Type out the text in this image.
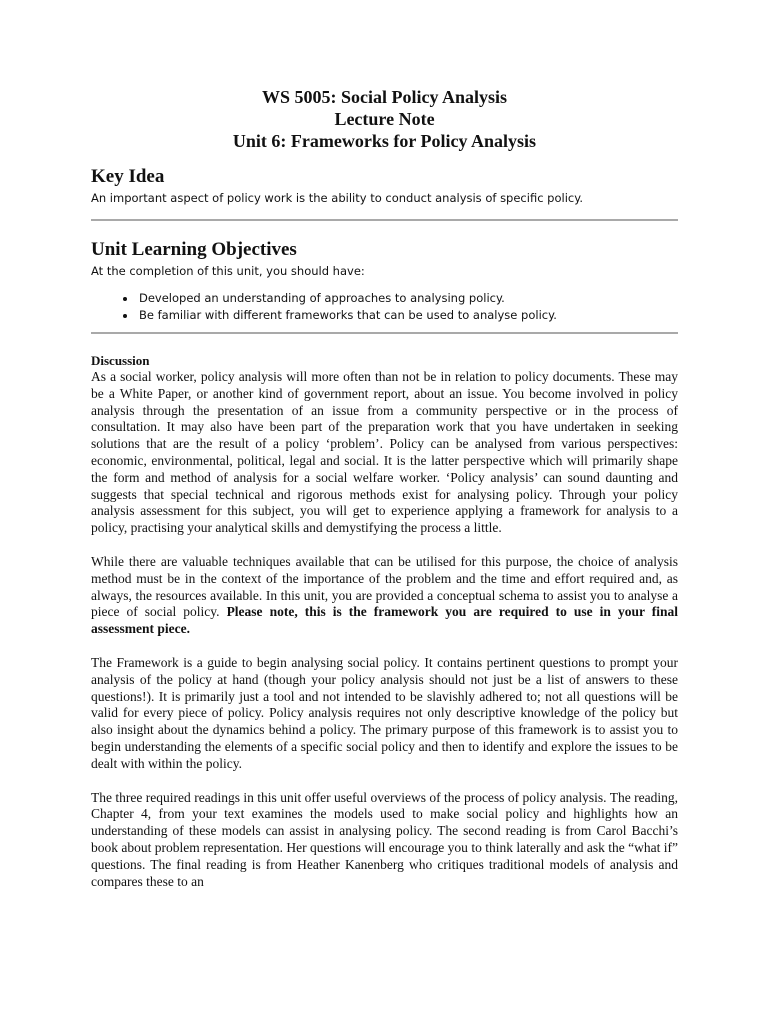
WS 5005: Social Policy Analysis
Lecture Note
Unit 6: Frameworks for Policy Analysis
Key Idea
An important aspect of policy work is the ability to conduct analysis of specific policy.
Unit Learning Objectives
At the completion of this unit, you should have:
• Developed an understanding of approaches to analysing policy.
• Be familiar with different frameworks that can be used to analyse policy.
Discussion

As a social worker, policy analysis will more often than not be in relation to policy documents. These may be a White Paper, or another kind of government report, about an issue. You become involved in policy analysis through the presentation of an issue from a community perspective or in the process of consultation. It may also have been part of the preparation work that you have undertaken in seeking solutions that are the result of a policy ‘problem’. Policy can be analysed from various perspectives: economic, environmental, political, legal and social. It is the latter perspective which will primarily shape the form and method of analysis for a social welfare worker. ‘Policy analysis’ can sound daunting and suggests that special technical and rigorous methods exist for analysing policy. Through your policy analysis assessment for this subject, you will get to experience applying a framework for analysis to a policy, practising your analytical skills and demystifying the process a little.

While there are valuable techniques available that can be utilised for this purpose, the choice of analysis method must be in the context of the importance of the problem and the time and effort required and, as always, the resources available. In this unit, you are provided a conceptual schema to assist you to analyse a piece of social policy. Please note, this is the framework you are required to use in your final assessment piece.

The Framework is a guide to begin analysing social policy. It contains pertinent questions to prompt your analysis of the policy at hand (though your policy analysis should not just be a list of answers to these questions!). It is primarily just a tool and not intended to be slavishly adhered to; not all questions will be valid for every piece of policy. Policy analysis requires not only descriptive knowledge of the policy but also insight about the dynamics behind a policy. The primary purpose of this framework is to assist you to begin understanding the elements of a specific social policy and then to identify and explore the issues to be dealt with within the policy.

The three required readings in this unit offer useful overviews of the process of policy analysis. The reading, Chapter 4, from your text examines the models used to make social policy and highlights how an understanding of these models can assist in analysing policy. The second reading is from Carol Bacchi’s book about problem representation. Her questions will encourage you to think laterally and ask the “what if” questions. The final reading is from Heather Kanenberg who critiques traditional models of analysis and compares these to an
